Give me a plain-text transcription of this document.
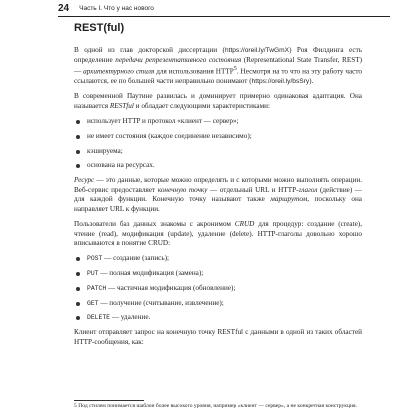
24 Часть I. Что у нас нового
REST(ful)

В одной из глав докторской диссертации (https://oreil.ly/TwGmX) Роя Филдинга есть определение передачи репрезентативного состояния (Representational State Transfer, REST) — архитектурного стиля для использования HTTP$^5$. Несмотря на то что на эту работу часто ссылаются, ее по большей части неправильно понимают (https://oreil.ly/bsSry).

В современной Паутине развилась и доминирует примерно одинаковая адаптация. Она называется RESTful и обладает следующими характеристиками:

использует HTTP и протокол «клиент — сервер»;
не имеет состояния (каждое соединение независимо);
кэшируема;
основана на ресурсах.

Ресурс — это данные, которые можно определять и с которыми можно выполнять операции. Веб-сервис предоставляет конечную точку — отдельный URL и HTTP-глагол (действие) — для каждой функции. Конечную точку называют также маршрутом, поскольку она направляет URL к функции.

Пользователи баз данных знакомы с акронимом CRUD для процедур: создание (create), чтение (read), модификация (update), удаление (delete). HTTP-глаголы довольно хорошо вписываются в понятие CRUD:

POST — создание (запись);
PUT — полная модификация (замена);
PATCH — частичная модификация (обновление);
GET — получение (считывание, извлечение);
DELETE — удаление.

Клиент отправляет запрос на конечную точку RESTful с данными в одной из таких областей HTTP-сообщения, как:

5 Под стилем понимается шаблон более высокого уровня, например «клиент — сервер», а не конкретная конструкция.
